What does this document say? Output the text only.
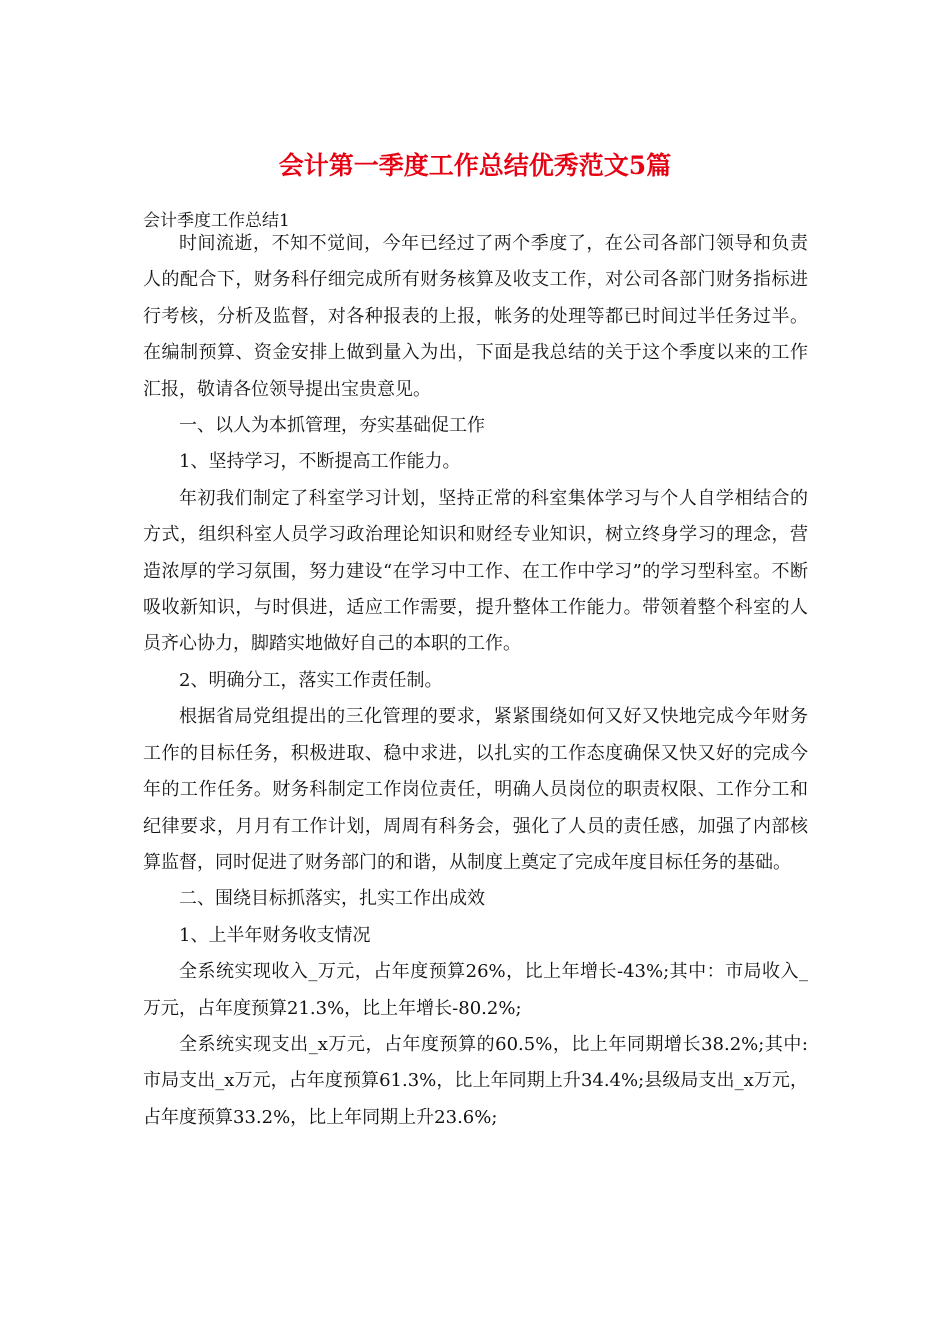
会计第一季度工作总结优秀范文5篇
会计季度工作总结1

时间流逝，不知不觉间，今年已经过了两个季度了，在公司各部门领导和负责人的配合下，财务科仔细完成所有财务核算及收支工作，对公司各部门财务指标进行考核，分析及监督，对各种报表的上报，帐务的处理等都已时间过半任务过半。在编制预算、资金安排上做到量入为出，下面是我总结的关于这个季度以来的工作汇报，敬请各位领导提出宝贵意见。

一、以人为本抓管理，夯实基础促工作

1、坚持学习，不断提高工作能力。

年初我们制定了科室学习计划，坚持正常的科室集体学习与个人自学相结合的方式，组织科室人员学习政治理论知识和财经专业知识，树立终身学习的理念，营造浓厚的学习氛围，努力建设“在学习中工作、在工作中学习”的学习型科室。不断吸收新知识，与时俱进，适应工作需要，提升整体工作能力。带领着整个科室的人员齐心协力，脚踏实地做好自己的本职的工作。

2、明确分工，落实工作责任制。

根据省局党组提出的三化管理的要求，紧紧围绕如何又好又快地完成今年财务工作的目标任务，积极进取、稳中求进，以扎实的工作态度确保又快又好的完成今年的工作任务。财务科制定工作岗位责任，明确人员岗位的职责权限、工作分工和纪律要求，月月有工作计划，周周有科务会，强化了人员的责任感，加强了内部核算监督，同时促进了财务部门的和谐，从制度上奠定了完成年度目标任务的基础。

二、围绕目标抓落实，扎实工作出成效

1、上半年财务收支情况

全系统实现收入_万元，占年度预算26%，比上年增长-43%;其中：市局收入_万元，占年度预算21.3%，比上年增长-80.2%;

全系统实现支出_x万元，占年度预算的60.5%，比上年同期增长38.2%;其中:市局支出_x万元，占年度预算61.3%，比上年同期上升34.4%;县级局支出_x万元，占年度预算33.2%，比上年同期上升23.6%;
